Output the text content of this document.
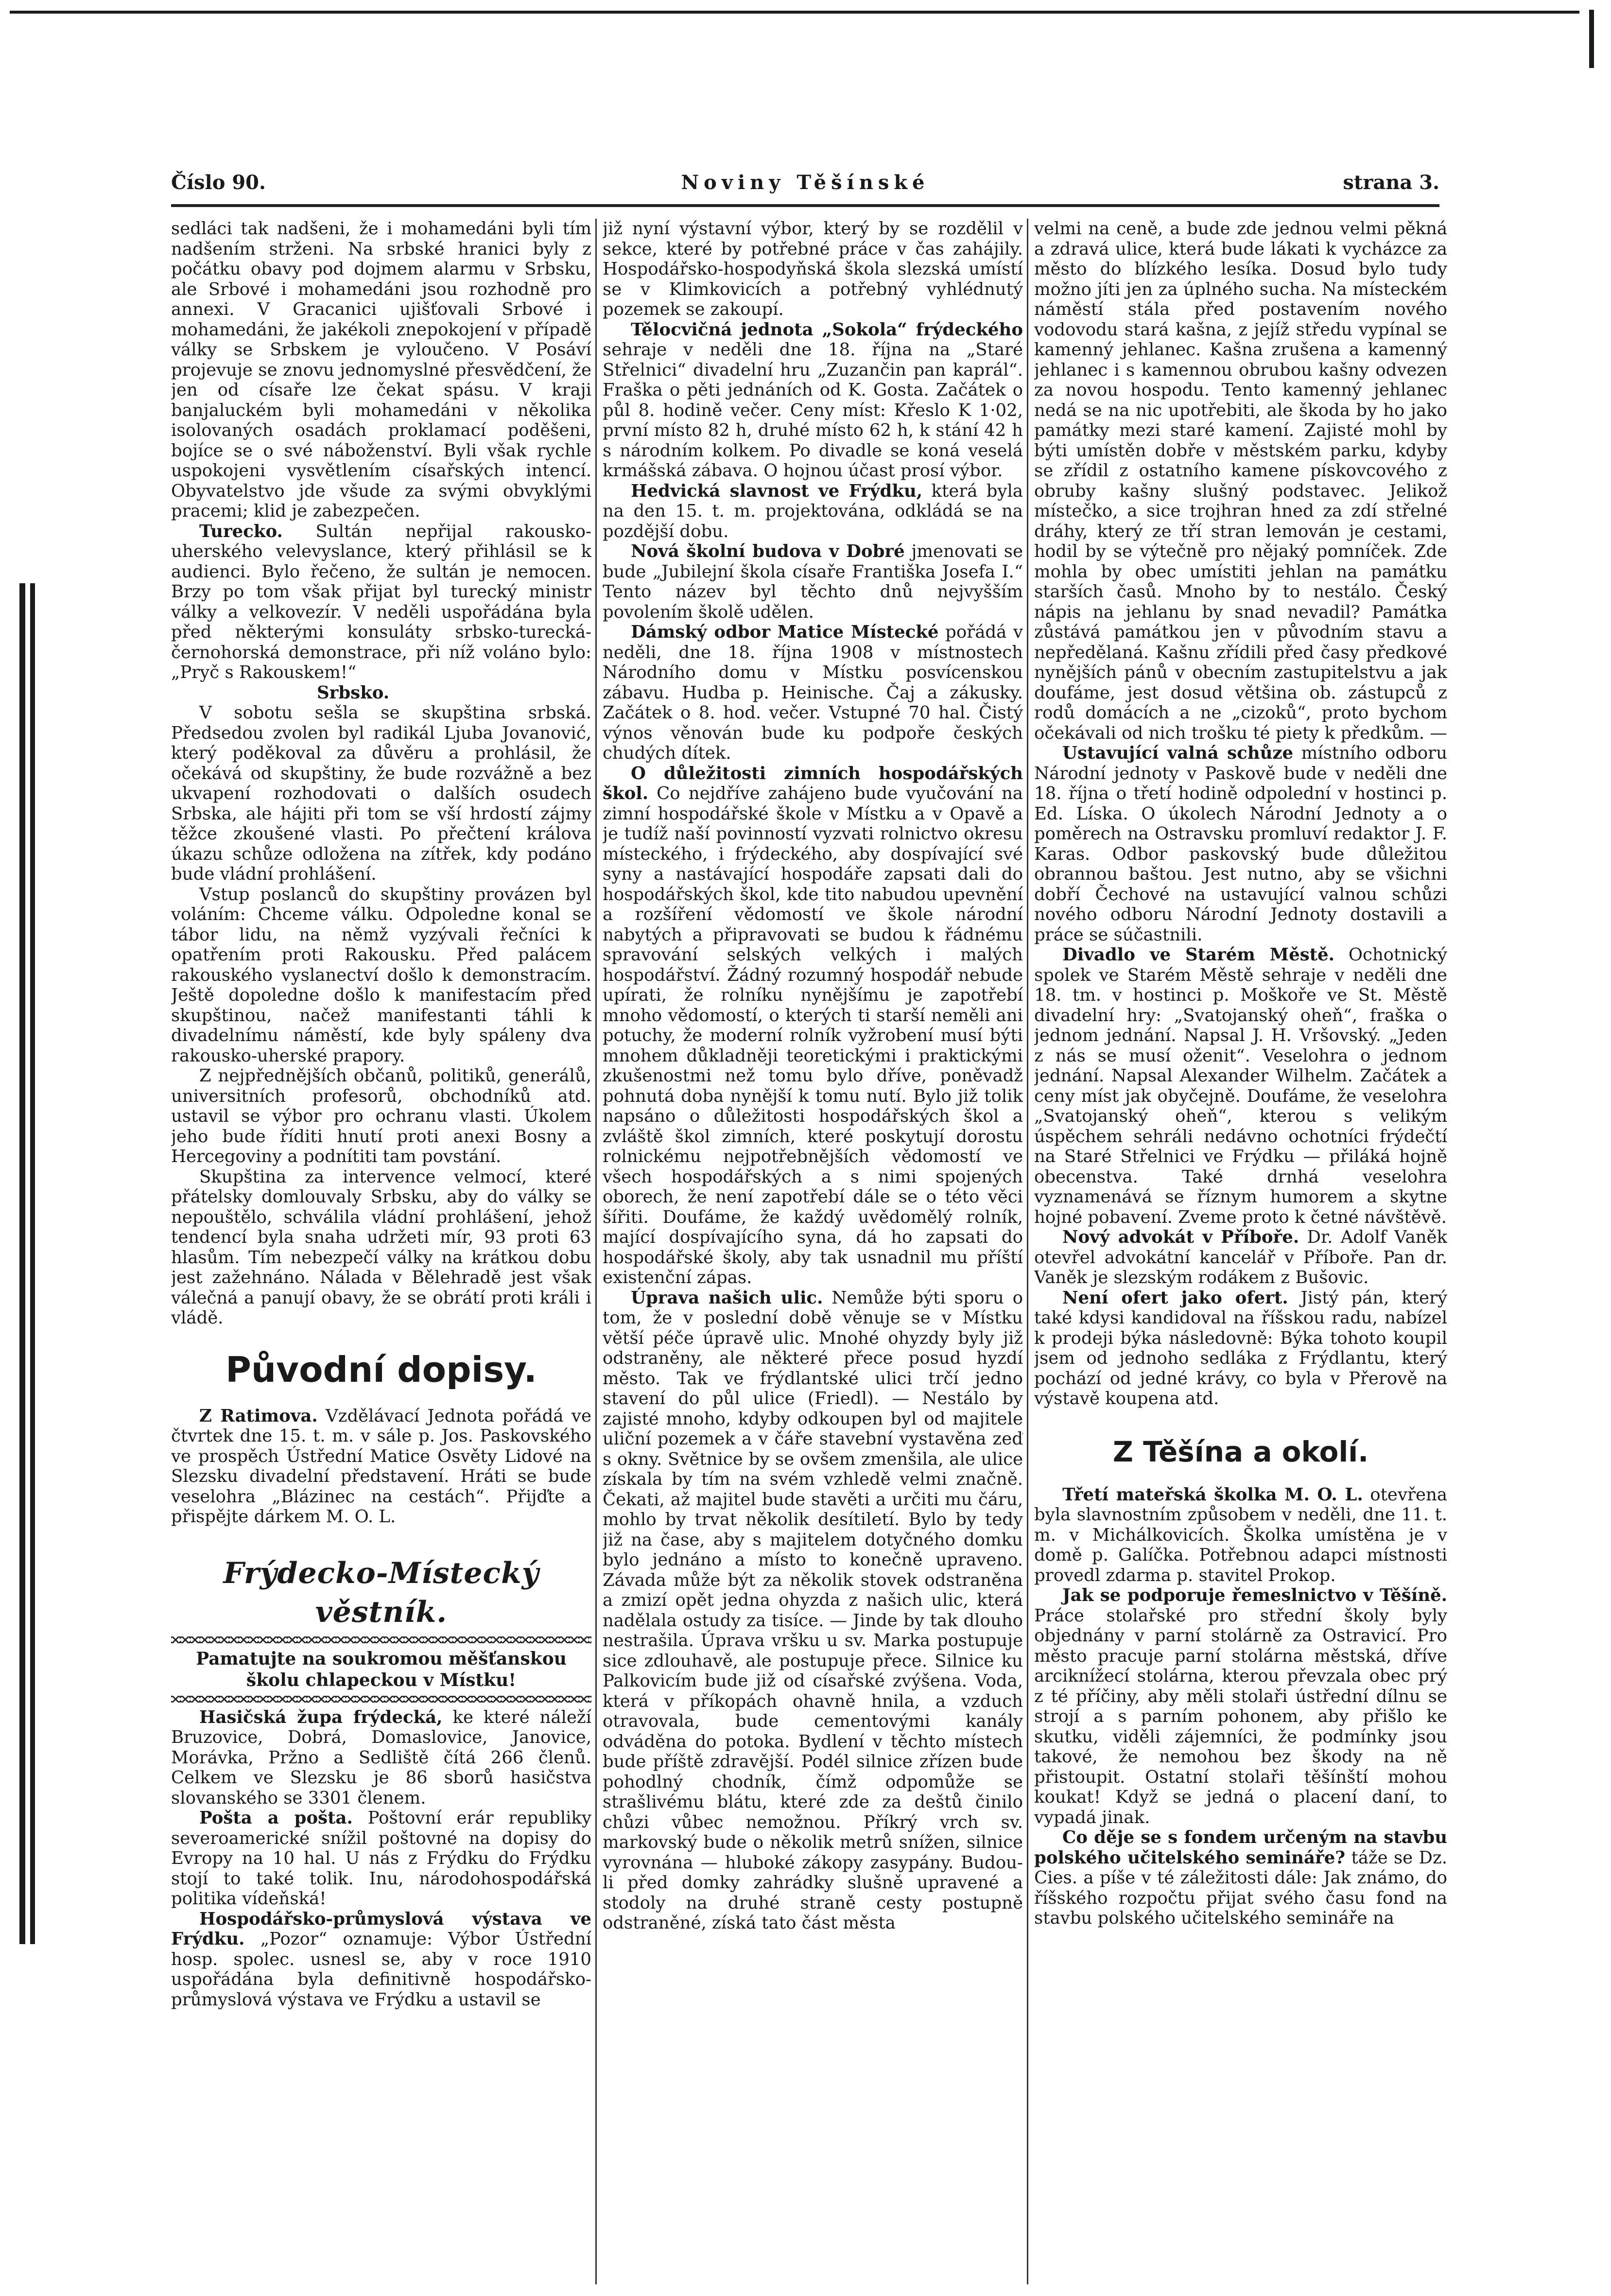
Číslo 90.	Noviny Těšínské	strana 3.

sedláci tak nadšeni, že i mohamedáni byli tím nadšením strženi. Na srbské hranici byly z počátku obavy pod dojmem alarmu v Srbsku, ale Srbové i mohamedáni jsou rozhodně pro annexi. V Gracanici ujišťovali Srbové i mohamedáni, že jakékoli znepokojení v případě války se Srbskem je vyloučeno. V Posáví projevuje se znovu jednomyslné přesvědčení, že jen od císaře lze čekat spásu. V kraji banjaluckém byli mohamedáni v několika isolovaných osadách proklamací poděšeni, bojíce se o své náboženství. Byli však rychle uspokojeni vysvětlením císařských intencí. Obyvatelstvo jde všude za svými obvyklými pracemi; klid je zabezpečen.

Turecko. Sultán nepřijal rakousko-uherského velevyslance, který přihlásil se k audienci. Bylo řečeno, že sultán je nemocen. Brzy po tom však přijat byl turecký ministr války a velkovezír. V neděli uspořádána byla před některými konsuláty srbsko-turecká-černohorská demonstrace, při níž voláno bylo: „Pryč s Rakouskem!“

Srbsko.

V sobotu sešla se skupština srbská. Předsedou zvolen byl radikál Ljuba Jovanović, který poděkoval za důvěru a prohlásil, že očekává od skupštiny, že bude rozvážně a bez ukvapení rozhodovati o dalších osudech Srbska, ale hájiti při tom se vší hrdostí zájmy těžce zkoušené vlasti. Po přečtení králova úkazu schůze odložena na zítřek, kdy podáno bude vládní prohlášení.

Vstup poslanců do skupštiny provázen byl voláním: Chceme válku. Odpoledne konal se tábor lidu, na němž vyzývali řečníci k opatřením proti Rakousku. Před palácem rakouského vyslanectví došlo k demonstracím. Ještě dopoledne došlo k manifestacím před skupštinou, načež manifestanti táhli k divadelnímu náměstí, kde byly spáleny dva rakousko-uherské prapory.

Z nejpřednějších občanů, politiků, generálů, universitních profesorů, obchodníků atd. ustavil se výbor pro ochranu vlasti. Úkolem jeho bude říditi hnutí proti anexi Bosny a Hercegoviny a podnítiti tam povstání.

Skupština za intervence velmocí, které přátelsky domlouvaly Srbsku, aby do války se nepouštělo, schválila vládní prohlášení, jehož tendencí byla snaha udržeti mír, 93 proti 63 hlasům. Tím nebezpečí války na krátkou dobu jest zažehnáno. Nálada v Bělehradě jest však válečná a panují obavy, že se obrátí proti králi i vládě.

Původní dopisy.

Z Ratimova. Vzdělávací Jednota pořádá ve čtvrtek dne 15. t. m. v sále p. Jos. Paskovského ve prospěch Ústřední Matice Osvěty Lidové na Slezsku divadelní představení. Hráti se bude veselohra „Blázinec na cestách“. Přijďte a přispějte dárkem M. O. L.

Frýdecko-Místecký věstník.
Pamatujte na soukromou měšťanskou školu chlapeckou v Místku!

Hasičská župa frýdecká, ke které náleží Bruzovice, Dobrá, Domaslovice, Janovice, Morávka, Pržno a Sedliště čítá 266 členů. Celkem ve Slezsku je 86 sborů hasičstva slovanského se 3301 členem.

Pošta a pošta. Poštovní erár republiky severoamerické snížil poštovné na dopisy do Evropy na 10 hal. U nás z Frýdku do Frýdku stojí to také tolik. Inu, národohospodářská politika vídeňská!

Hospodářsko-průmyslová výstava ve Frýdku. „Pozor“ oznamuje: Výbor Ústřední hosp. spolec. usnesl se, aby v roce 1910 uspořádána byla definitivně hospodářsko-průmyslová výstava ve Frýdku a ustavil se

již nyní výstavní výbor, který by se rozdělil v sekce, které by potřebné práce v čas zahájily. Hospodářsko-hospodyňská škola slezská umístí se v Klimkovicích a potřebný vyhlédnutý pozemek se zakoupí.

Tělocvičná jednota „Sokola“ frýdeckého sehraje v neděli dne 18. října na „Staré Střelnici“ divadelní hru „Zuzančin pan kaprál“. Fraška o pěti jednáních od K. Gosta. Začátek o půl 8. hodině večer. Ceny míst: Křeslo K 1·02, první místo 82 h, druhé místo 62 h, k stání 42 h s národním kolkem. Po divadle se koná veselá krmášská zábava. O hojnou účast prosí výbor.

Hedvická slavnost ve Frýdku, která byla na den 15. t. m. projektována, odkládá se na pozdější dobu.

Nová školní budova v Dobré jmenovati se bude „Jubilejní škola císaře Františka Josefa I.“ Tento název byl těchto dnů nejvyšším povolením školě udělen.

Dámský odbor Matice Místecké pořádá v neděli, dne 18. října 1908 v místnostech Národního domu v Místku posvícenskou zábavu. Hudba p. Heinische. Čaj a zákusky. Začátek o 8. hod. večer. Vstupné 70 hal. Čistý výnos věnován bude ku podpoře českých chudých dítek.

O důležitosti zimních hospodářských škol. Co nejdříve zahájeno bude vyučování na zimní hospodářské škole v Místku a v Opavě a je tudíž naší povinností vyzvati rolnictvo okresu místeckého, i frýdeckého, aby dospívající své syny a nastávající hospodáře zapsati dali do hospodářských škol, kde tito nabudou upevnění a rozšíření vědomostí ve škole národní nabytých a připravovati se budou k řádnému spravování selských velkých i malých hospodářství. Žádný rozumný hospodář nebude upírati, že rolníku nynějšímu je zapotřebí mnoho vědomostí, o kterých ti starší neměli ani potuchy, že moderní rolník vyžrobení musí býti mnohem důkladněji teoretickými i praktickými zkušenostmi než tomu bylo dříve, poněvadž pohnutá doba nynější k tomu nutí. Bylo již tolik napsáno o důležitosti hospodářských škol a zvláště škol zimních, které poskytují dorostu rolnickému nejpotřebnějších vědomostí ve všech hospodářských a s nimi spojených oborech, že není zapotřebí dále se o této věci šířiti. Doufáme, že každý uvědomělý rolník, mající dospívajícího syna, dá ho zapsati do hospodářské školy, aby tak usnadnil mu příští existenční zápas.

Úprava našich ulic. Nemůže býti sporu o tom, že v poslední době věnuje se v Místku větší péče úpravě ulic. Mnohé ohyzdy byly již odstraněny, ale některé přece posud hyzdí město. Tak ve frýdlantské ulici trčí jedno stavení do půl ulice (Friedl). — Nestálo by zajisté mnoho, kdyby odkoupen byl od majitele uliční pozemek a v čáře stavební vystavěna zeď s okny. Světnice by se ovšem zmenšila, ale ulice získala by tím na svém vzhledě velmi značně. Čekati, až majitel bude stavěti a určiti mu čáru, mohlo by trvat několik desítiletí. Bylo by tedy již na čase, aby s majitelem dotyčného domku bylo jednáno a místo to konečně upraveno. Závada může být za několik stovek odstraněna a zmizí opět jedna ohyzda z našich ulic, která nadělala ostudy za tisíce. — Jinde by tak dlouho nestrašila. Úprava vršku u sv. Marka postupuje sice zdlouhavě, ale postupuje přece. Silnice ku Palkovicím bude již od císařské zvýšena. Voda, která v příkopách ohavně hnila, a vzduch otravovala, bude cementovými kanály odváděna do potoka. Bydlení v těchto místech bude příště zdravější. Podél silnice zřízen bude pohodlný chodník, čímž odpomůže se strašlivému blátu, které zde za deštů činilo chůzi vůbec nemožnou. Příkrý vrch sv. markovský bude o několik metrů snížen, silnice vyrovnána — hluboké zákopy zasypány. Budou-li před domky zahrádky slušně upravené a stodoly na druhé straně cesty postupně odstraněné, získá tato část města

velmi na ceně, a bude zde jednou velmi pěkná a zdravá ulice, která bude lákati k vycházce za město do blízkého lesíka. Dosud bylo tudy možno jíti jen za úplného sucha. Na místeckém náměstí stála před postavením nového vodovodu stará kašna, z jejíž středu vypínal se kamenný jehlanec. Kašna zrušena a kamenný jehlanec i s kamennou obrubou kašny odvezen za novou hospodu. Tento kamenný jehlanec nedá se na nic upotřebiti, ale škoda by ho jako památky mezi staré kamení. Zajisté mohl by býti umístěn dobře v městském parku, kdyby se zřídil z ostatního kamene pískovcového z obruby kašny slušný podstavec. Jelikož místečko, a sice trojhran hned za zdí střelné dráhy, který ze tří stran lemován je cestami, hodil by se výtečně pro nějaký pomníček. Zde mohla by obec umístiti jehlan na památku starších časů. Mnoho by to nestálo. Český nápis na jehlanu by snad nevadil? Památka zůstává památkou jen v původním stavu a nepředělaná. Kašnu zřídili před časy předkové nynějších pánů v obecním zastupitelstvu a jak doufáme, jest dosud většina ob. zástupců z rodů domácích a ne „cizoků“, proto bychom očekávali od nich trošku té piety k předkům. —

Ustavující valná schůze místního odboru Národní jednoty v Paskově bude v neděli dne 18. října o třetí hodině odpolední v hostinci p. Ed. Líska. O úkolech Národní Jednoty a o poměrech na Ostravsku promluví redaktor J. F. Karas. Odbor paskovský bude důležitou obrannou baštou. Jest nutno, aby se všichni dobří Čechové na ustavující valnou schůzi nového odboru Národní Jednoty dostavili a práce se súčastnili.

Divadlo ve Starém Městě. Ochotnický spolek ve Starém Městě sehraje v neděli dne 18. tm. v hostinci p. Moškoře ve St. Městě divadelní hry: „Svatojanský oheň“, fraška o jednom jednání. Napsal J. H. Vršovský. „Jeden z nás se musí oženit“. Veselohra o jednom jednání. Napsal Alexander Wilhelm. Začátek a ceny míst jak obyčejně. Doufáme, že veselohra „Svatojanský oheň“, kterou s velikým úspěchem sehráli nedávno ochotníci frýdečtí na Staré Střelnici ve Frýdku — přiláká hojně obecenstva. Také drnhá veselohra vyznamenává se říznym humorem a skytne hojné pobavení. Zveme proto k četné návštěvě.

Nový advokát v Příboře. Dr. Adolf Vaněk otevřel advokátní kancelář v Příboře. Pan dr. Vaněk je slezským rodákem z Bušovic.

Není ofert jako ofert. Jistý pán, který také kdysi kandidoval na říšskou radu, nabízel k prodeji býka následovně: Býka tohoto koupil jsem od jednoho sedláka z Frýdlantu, který pochází od jedné krávy, co byla v Přerově na výstavě koupena atd.

Z Těšína a okolí.

Třetí mateřská školka M. O. L. otevřena byla slavnostním způsobem v neděli, dne 11. t. m. v Michálkovicích. Školka umístěna je v domě p. Galíčka. Potřebnou adapci místnosti provedl zdarma p. stavitel Prokop.

Jak se podporuje řemeslnictvo v Těšíně. Práce stolařské pro střední školy byly objednány v parní stolárně za Ostravicí. Pro město pracuje parní stolárna městská, dříve arciknížecí stolárna, kterou převzala obec prý z té příčiny, aby měli stolaři ústřední dílnu se strojí a s parním pohonem, aby přišlo ke skutku, viděli zájemníci, že podmínky jsou takové, že nemohou bez škody na ně přistoupit. Ostatní stolaři těšínští mohou koukat! Když se jedná o placení daní, to vypadá jinak.

Co děje se s fondem určeným na stavbu polského učitelského semináře? táže se Dz. Cies. a píše v té záležitosti dále: Jak známo, do říšského rozpočtu přijat svého času fond na stavbu polského učitelského semináře na
